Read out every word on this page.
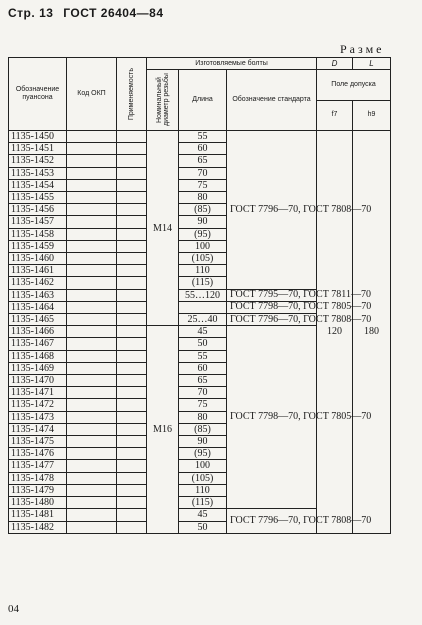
Стр. 13 ГОСТ 26404—84
Разме
Обозначение пуансона	Код ОКП	Применяемость	Изготовляемые болты			D	L

			Номинальный диаметр резьбы	Длина	Обозначение стандарта	Поле допуска	
						f7	h9
1135-1450			M14	55	ГОСТ 7796—70, ГОСТ 7808—70	120	180
1135-1451				60			
1135-1452				65			
1135-1453				70			
1135-1454				75			
1135-1455				80			
1135-1456				(85)			
1135-1457				90			
1135-1458				(95)			
1135-1459				100			
1135-1460				(105)			
1135-1461				110			
1135-1462				(115)			
1135-1463				55…120	ГОСТ 7795—70, ГОСТ 7811—70		
1135-1464					ГОСТ 7798—70, ГОСТ 7805—70		
1135-1465				25…40	ГОСТ 7796—70, ГОСТ 7808—70		
1135-1466			M16	45	ГОСТ 7798—70, ГОСТ 7805—70		
1135-1467				50			
1135-1468				55			
1135-1469				60			
1135-1470				65			
1135-1471				70			
1135-1472				75			
1135-1473				80			
1135-1474				(85)			
1135-1475				90			
1135-1476				(95)			
1135-1477				100			
1135-1478				(105)			
1135-1479				110			
1135-1480				(115)			
1135-1481				45	ГОСТ 7796—70, ГОСТ 7808—70		
1135-1482				50			
04
